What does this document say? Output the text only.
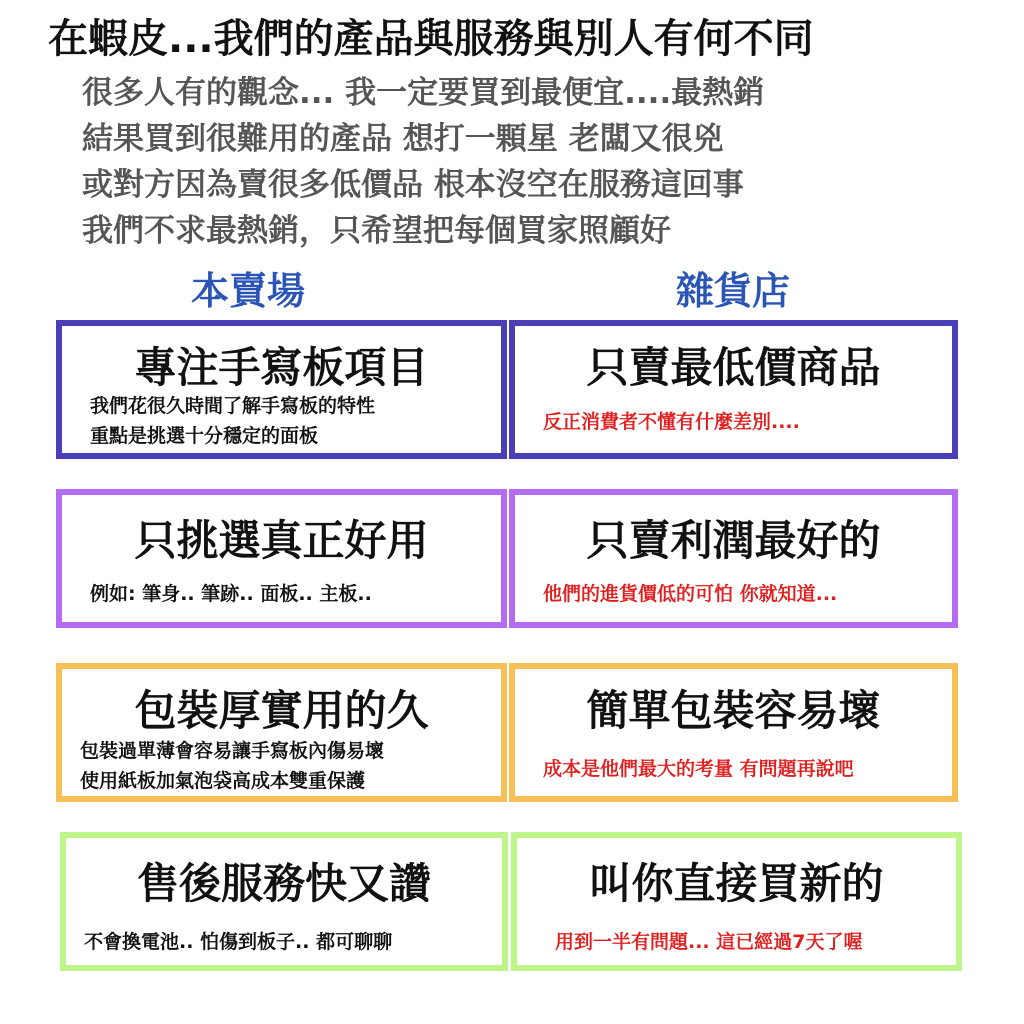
在蝦皮...我們的產品與服務與別人有何不同
很多人有的觀念... 我一定要買到最便宜....最熱銷
結果買到很難用的產品 想打一顆星 老闆又很兇
或對方因為賣很多低價品 根本沒空在服務這回事
我們不求最熱銷，只希望把每個買家照顧好
本賣場	雜貨店
專注手寫板項目
我們花很久時間了解手寫板的特性
重點是挑選十分穩定的面板
只賣最低價商品
反正消費者不懂有什麼差別....
只挑選真正好用
例如: 筆身.. 筆跡.. 面板.. 主板..
只賣利潤最好的
他們的進貨價低的可怕 你就知道...
包裝厚實用的久
包裝過單薄會容易讓手寫板內傷易壞
使用紙板加氣泡袋高成本雙重保護
簡單包裝容易壞
成本是他們最大的考量 有問題再說吧
售後服務快又讚
不會換電池.. 怕傷到板子.. 都可聊聊
叫你直接買新的
用到一半有問題... 這已經過7天了喔
